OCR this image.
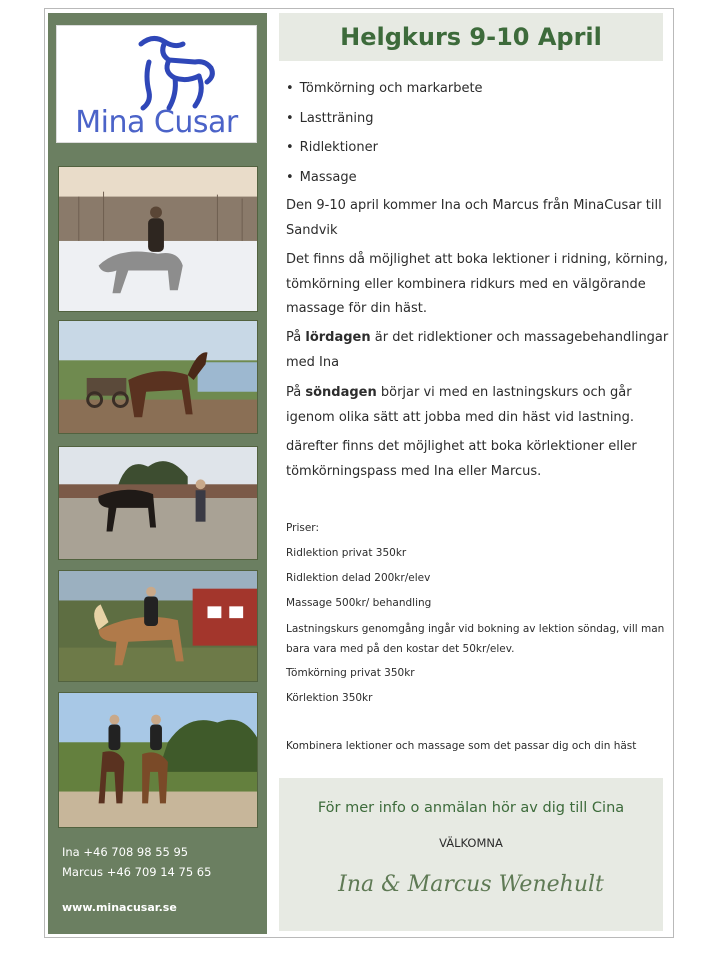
Mina Cusar
Ina +46 708 98 55 95
Marcus +46 709 14 75 65
www.minacusar.se
Helgkurs 9-10 April
• Tömkörning och markarbete
• Lastträning
• Ridlektioner
• Massage

Den 9-10 april kommer Ina och Marcus från MinaCusar till Sandvik

Det finns då möjlighet att boka lektioner i ridning, körning, tömkörning eller kombinera ridkurs med en välgörande massage för din häst.

På lördagen är det ridlektioner och massagebehandlingar med Ina

På söndagen börjar vi med en lastningskurs och går igenom olika sätt att jobba med din häst vid lastning.

därefter finns det möjlighet att boka körlektioner eller tömkörningspass med Ina eller Marcus.

Priser:
Ridlektion privat 350kr
Ridlektion delad 200kr/elev
Massage 500kr/ behandling
Lastningskurs genomgång ingår vid bokning av lektion söndag, vill man bara vara med på den kostar det 50kr/elev.
Tömkörning privat 350kr
Körlektion 350kr
Kombinera lektioner och massage som det passar dig och din häst
För mer info o anmälan hör av dig till Cina
VÄLKOMNA
Ina & Marcus Wenehult
